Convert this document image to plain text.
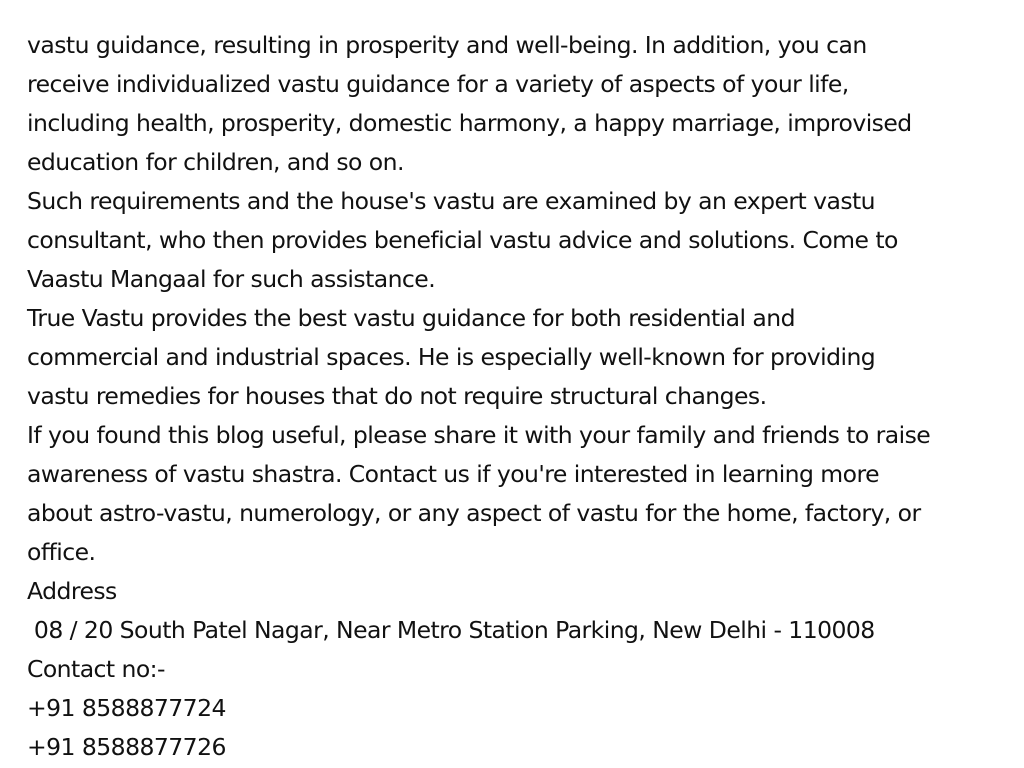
vastu guidance, resulting in prosperity and well-being. In addition, you can
receive individualized vastu guidance for a variety of aspects of your life,
including health, prosperity, domestic harmony, a happy marriage, improvised
education for children, and so on.
Such requirements and the house's vastu are examined by an expert vastu
consultant, who then provides beneficial vastu advice and solutions. Come to
Vaastu Mangaal for such assistance.
True Vastu provides the best vastu guidance for both residential and
commercial and industrial spaces. He is especially well-known for providing
vastu remedies for houses that do not require structural changes.
If you found this blog useful, please share it with your family and friends to raise
awareness of vastu shastra. Contact us if you're interested in learning more
about astro-vastu, numerology, or any aspect of vastu for the home, factory, or
office.
Address
08 / 20 South Patel Nagar, Near Metro Station Parking, New Delhi - 110008
Contact no:-
+91 8588877724
+91 8588877726
